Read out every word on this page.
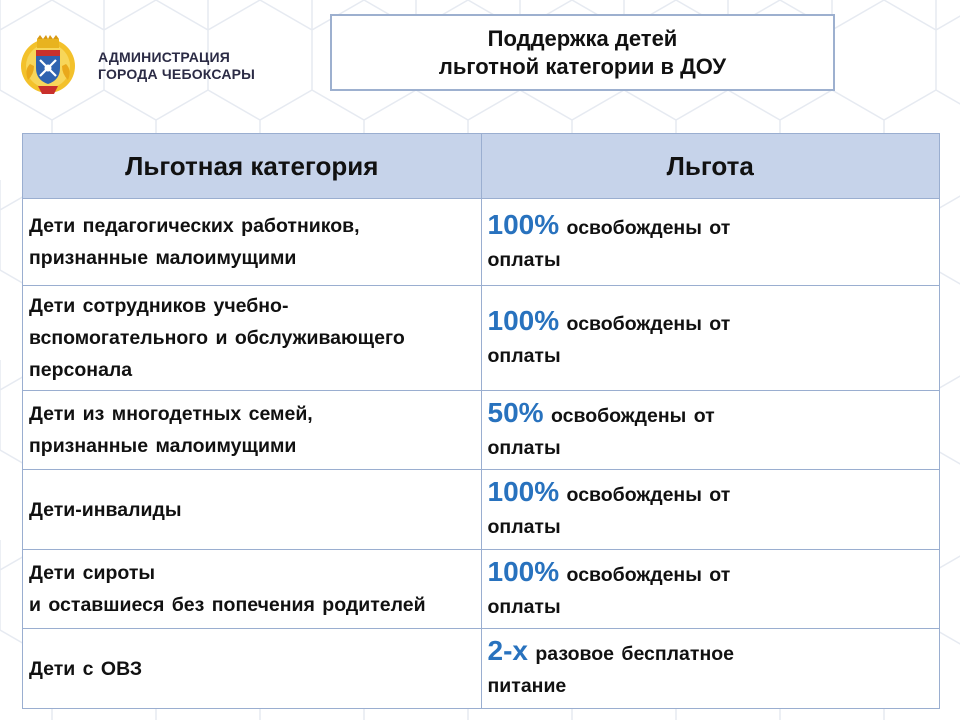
АДМИНИСТРАЦИЯ
ГОРОДА ЧЕБОКСАРЫ
Поддержка детей
льготной категории в ДОУ
Льготная категория	Льгота
Дети педагогических работников,
признанные малоимущими	100% освобождены от
оплаты
Дети сотрудников учебно-
вспомогательного и обслуживающего
персонала	100% освобождены от
оплаты
Дети из многодетных семей,
признанные малоимущими	50% освобождены от
оплаты
Дети-инвалиды	100% освобождены от
оплаты
Дети сироты
и оставшиеся без попечения родителей	100% освобождены от
оплаты
Дети с ОВЗ	2-х разовое бесплатное
питание
